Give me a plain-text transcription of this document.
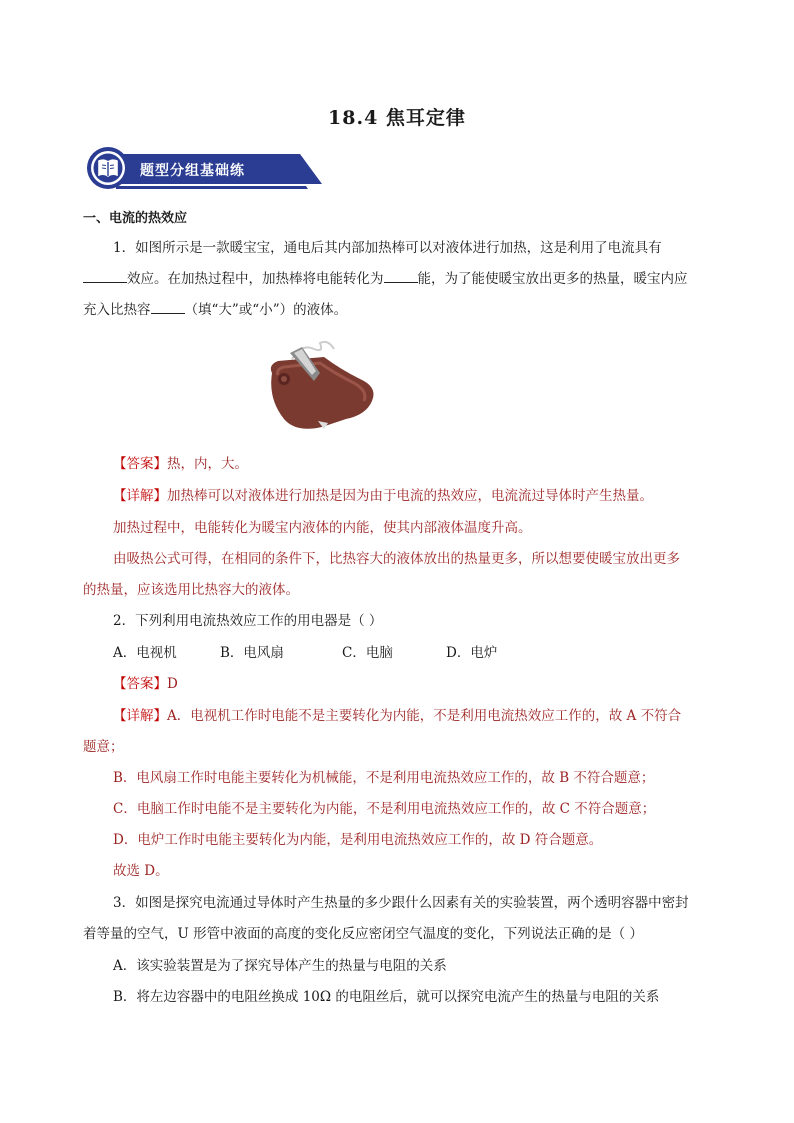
18.4 焦耳定律
题型分组基础练
一、电流的热效应
1．如图所示是一款暖宝宝，通电后其内部加热棒可以对液体进行加热，这是利用了电流具有
效应。在加热过程中，加热棒将电能转化为	能，为了能使暖宝放出更多的热量，暖宝内应
充入比热容	（填“大”或“小”）的液体。
【答案】热，内，大。
【详解】加热棒可以对液体进行加热是因为由于电流的热效应，电流流过导体时产生热量。
加热过程中，电能转化为暖宝内液体的内能，使其内部液体温度升高。
由吸热公式可得，在相同的条件下，比热容大的液体放出的热量更多，所以想要使暖宝放出更多
的热量，应该选用比热容大的液体。
2．下列利用电流热效应工作的用电器是（ ）
A．电视机	B．电风扇	C．电脑	D．电炉
【答案】D
【详解】A．电视机工作时电能不是主要转化为内能，不是利用电流热效应工作的，故 A 不符合
题意；
B．电风扇工作时电能主要转化为机械能，不是利用电流热效应工作的，故 B 不符合题意；
C．电脑工作时电能不是主要转化为内能，不是利用电流热效应工作的，故 C 不符合题意；
D．电炉工作时电能主要转化为内能，是利用电流热效应工作的，故 D 符合题意。
故选 D。
3．如图是探究电流通过导体时产生热量的多少跟什么因素有关的实验装置，两个透明容器中密封
着等量的空气，U 形管中液面的高度的变化反应密闭空气温度的变化，下列说法正确的是（ ）
A．该实验装置是为了探究导体产生的热量与电阻的关系
B．将左边容器中的电阻丝换成 10Ω 的电阻丝后，就可以探究电流产生的热量与电阻的关系
